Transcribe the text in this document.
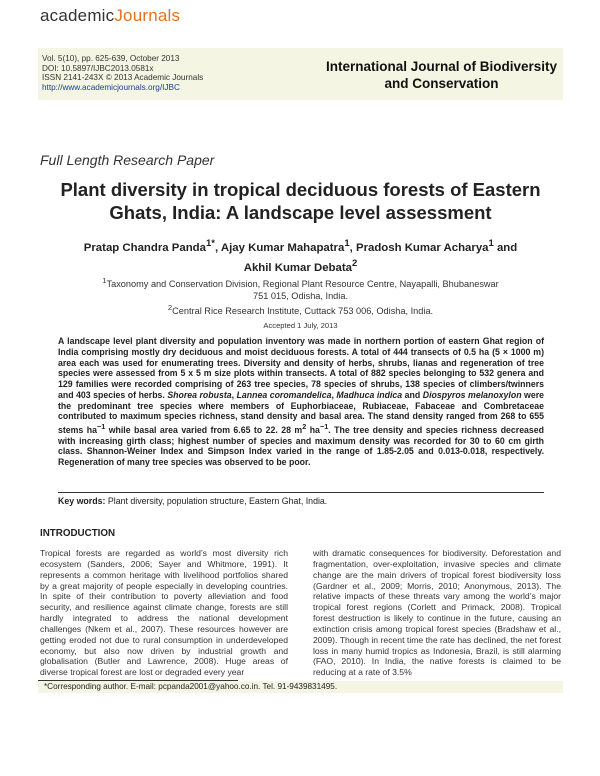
academicJournals
Vol. 5(10), pp. 625-639, October 2013
DOI: 10.5897/IJBC2013.0581x
ISSN 2141-243X © 2013 Academic Journals
http://www.academicjournals.org/IJBC
International Journal of Biodiversity
and Conservation
Full Length Research Paper
Plant diversity in tropical deciduous forests of Eastern
Ghats, India: A landscape level assessment
Pratap Chandra Panda$^{1*}$, Ajay Kumar Mahapatra$^1$, Pradosh Kumar Acharya$^1$ and
Akhil Kumar Debata$^2$
$^1$Taxonomy and Conservation Division, Regional Plant Resource Centre, Nayapalli, Bhubaneswar
751 015, Odisha, India.
$^2$Central Rice Research Institute, Cuttack 753 006, Odisha, India.
Accepted 1 July, 2013
A landscape level plant diversity and population inventory was made in northern portion of eastern Ghat region of India comprising mostly dry deciduous and moist deciduous forests. A total of 444 transects of 0.5 ha (5 × 1000 m) area each was used for enumerating trees. Diversity and density of herbs, shrubs, lianas and regeneration of tree species were assessed from 5 x 5 m size plots within transects. A total of 882 species belonging to 532 genera and 129 families were recorded comprising of 263 tree species, 78 species of shrubs, 138 species of climbers/twinners and 403 species of herbs. Shorea robusta, Lannea coromandelica, Madhuca indica and Diospyros melanoxylon were the predominant tree species where members of Euphorbiaceae, Rubiaceae, Fabaceae and Combretaceae contributed to maximum species richness, stand density and basal area. The stand density ranged from 268 to 655 stems $ha^{-1}$ while basal area varied from 6.65 to 22. 28 $m^2$ $ha^{-1}$. The tree density and species richness decreased with increasing girth class; highest number of species and maximum density was recorded for 30 to 60 cm girth class. Shannon-Weiner Index and Simpson Index varied in the range of 1.85-2.05 and 0.013-0.018, respectively. Regeneration of many tree species was observed to be poor.
Key words: Plant diversity, population structure, Eastern Ghat, India.
INTRODUCTION
Tropical forests are regarded as world’s most diversity rich ecosystem (Sanders, 2006; Sayer and Whitmore, 1991). It represents a common heritage with livelihood portfolios shared by a great majority of people especially in developing countries. In spite of their contribution to poverty alleviation and food security, and resilience against climate change, forests are still hardly integrated to address the national development challenges (Nkem et al., 2007). These resources however are getting eroded not due to rural consumption in underdeveloped economy, but also now driven by industrial growth and globalisation (Butler and Lawrence, 2008). Huge areas of diverse tropical forest are lost or degraded every year
with dramatic consequences for biodiversity. Deforestation and fragmentation, over-exploitation, invasive species and climate change are the main drivers of tropical forest biodiversity loss (Gardner et al., 2009; Morris, 2010; Anonymous, 2013). The relative impacts of these threats vary among the world’s major tropical forest regions (Corlett and Primack, 2008). Tropical forest destruction is likely to continue in the future, causing an extinction crisis among tropical forest species (Bradshaw et al., 2009). Though in recent time the rate has declined, the net forest loss in many humid tropics as Indonesia, Brazil, is still alarming (FAO, 2010). In India, the native forests is claimed to be reducing at a rate of 3.5%
*Corresponding author. E-mail: pcpanda2001@yahoo.co.in. Tel. 91-9439831495.
